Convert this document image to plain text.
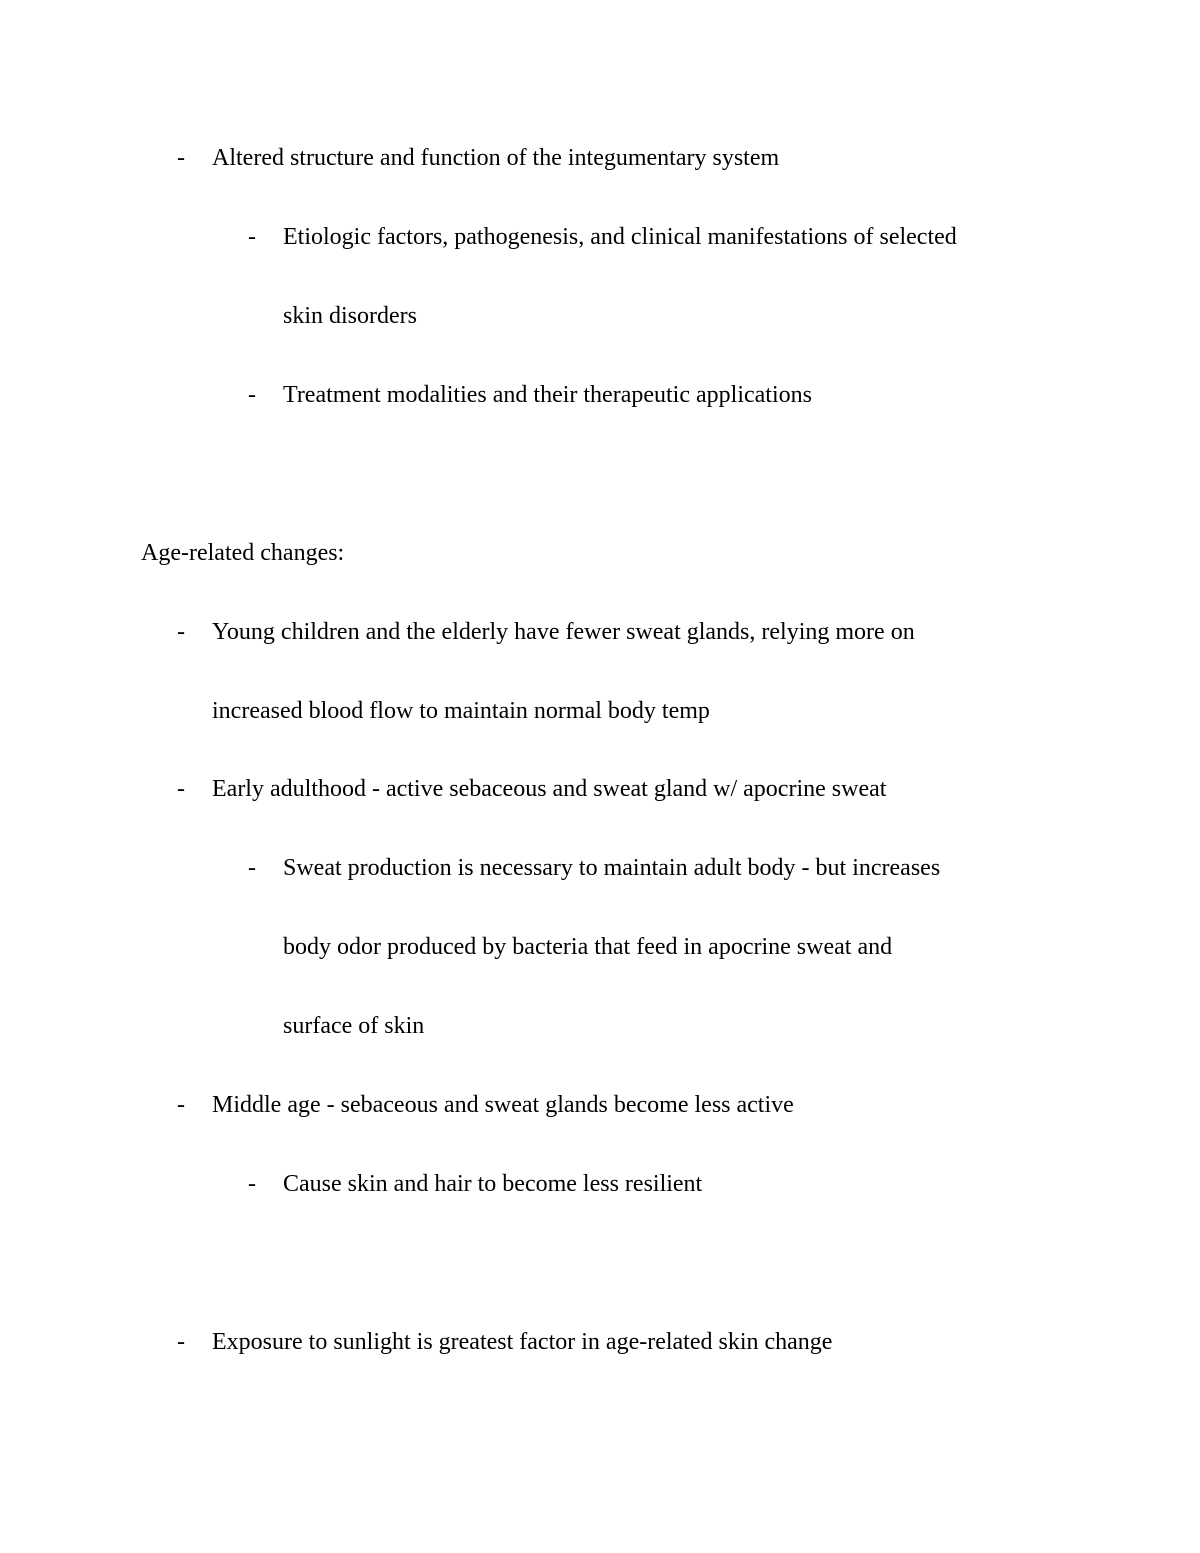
- Altered structure and function of the integumentary system
- Etiologic factors, pathogenesis, and clinical manifestations of selected
skin disorders
- Treatment modalities and their therapeutic applications
Age-related changes:
- Young children and the elderly have fewer sweat glands, relying more on
increased blood flow to maintain normal body temp
- Early adulthood - active sebaceous and sweat gland w/ apocrine sweat
- Sweat production is necessary to maintain adult body - but increases
body odor produced by bacteria that feed in apocrine sweat and
surface of skin
- Middle age - sebaceous and sweat glands become less active
- Cause skin and hair to become less resilient
- Exposure to sunlight is greatest factor in age-related skin change
